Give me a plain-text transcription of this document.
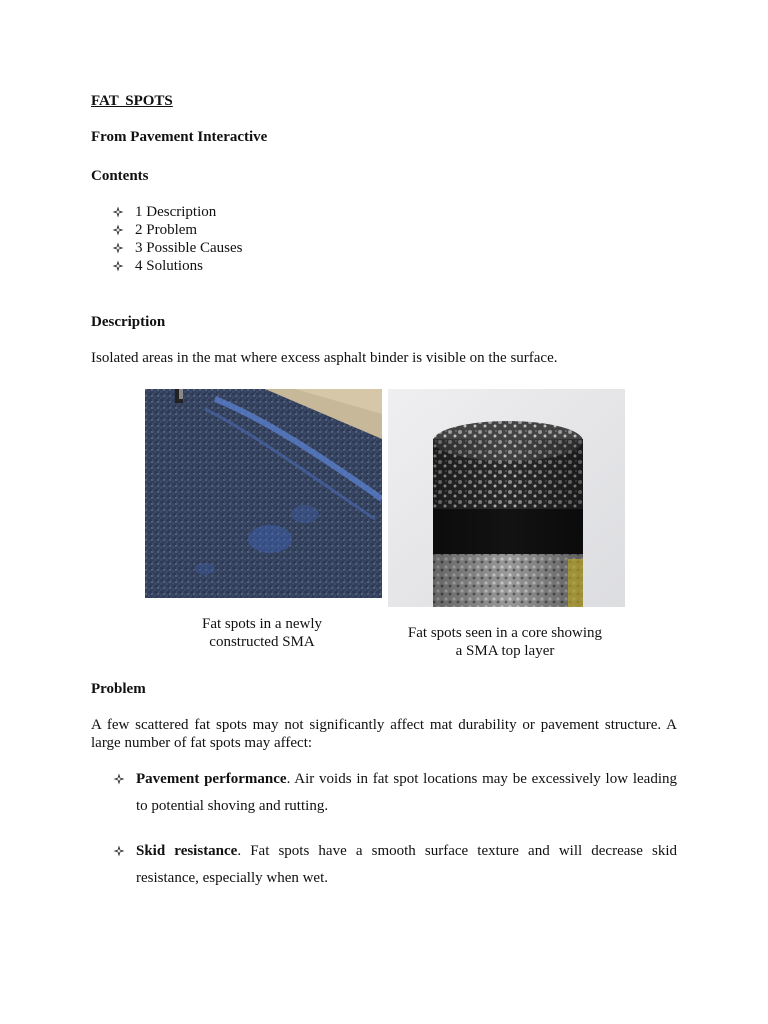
FAT SPOTS
From Pavement Interactive
Contents
1 Description
2 Problem
3 Possible Causes
4 Solutions
Description
Isolated areas in the mat where excess asphalt binder is visible on the surface.
Fat spots in a newly
constructed SMA
Fat spots seen in a core showing
a SMA top layer
Problem
A few scattered fat spots may not significantly affect mat durability or pavement structure. A large number of fat spots may affect:
Pavement performance. Air voids in fat spot locations may be excessively low leading to potential shoving and rutting.
Skid resistance. Fat spots have a smooth surface texture and will decrease skid resistance, especially when wet.
